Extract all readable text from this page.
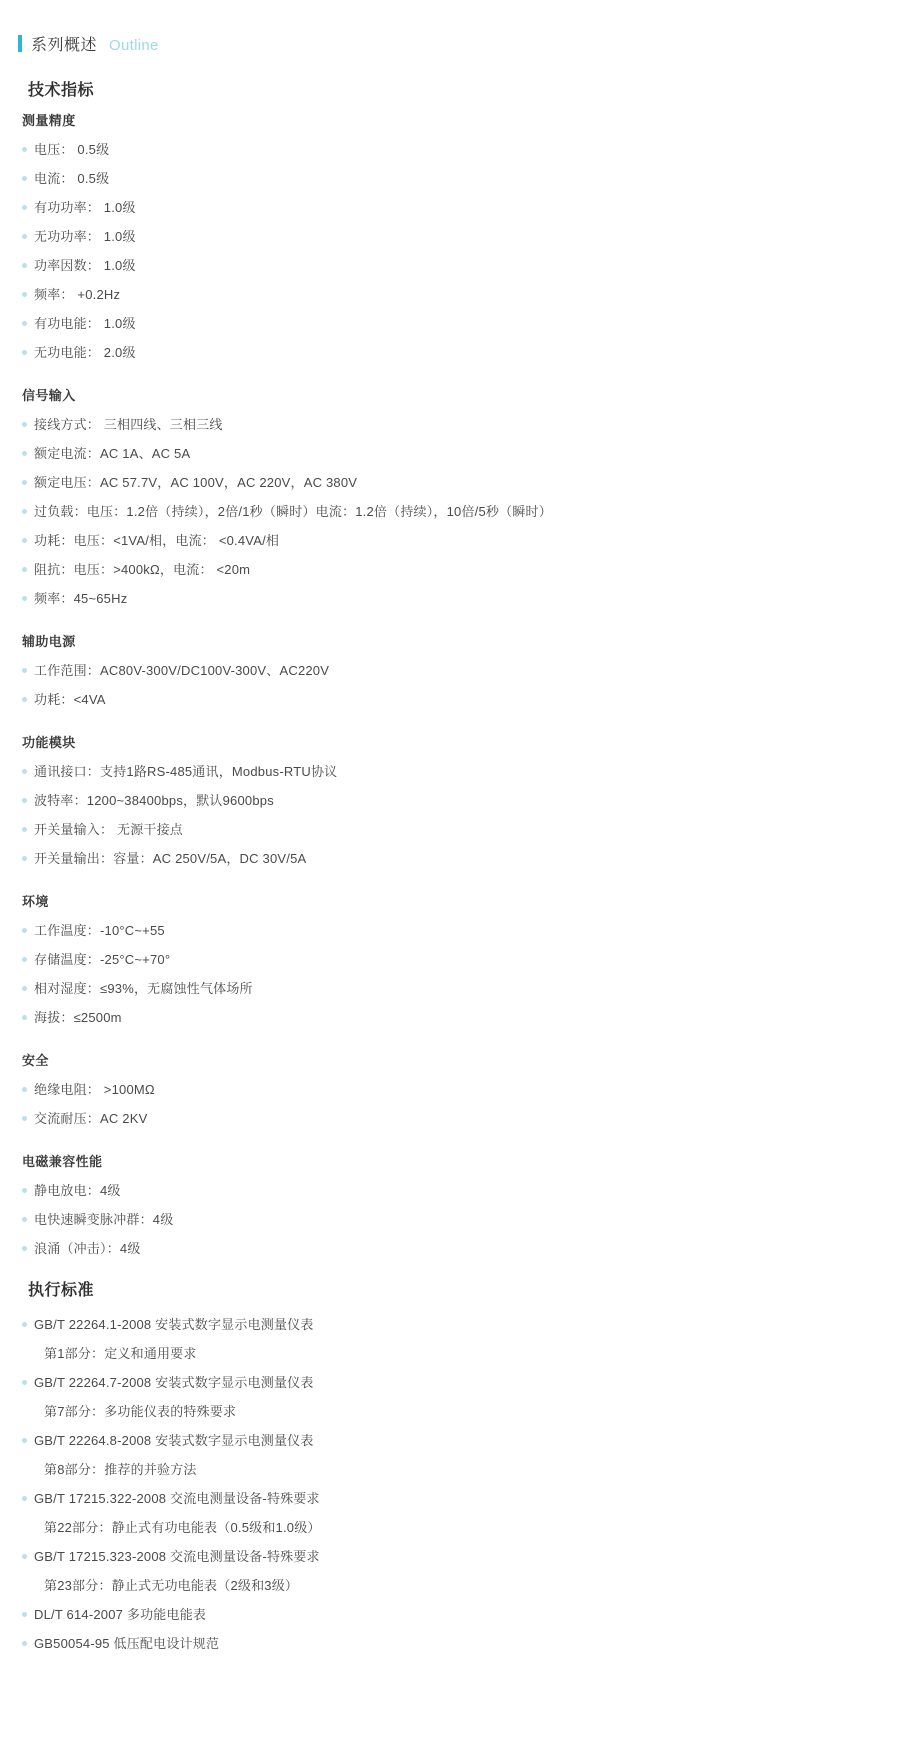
系列概述 Outline
技术指标
测量精度
电压： 0.5级
电流： 0.5级
有功功率： 1.0级
无功功率： 1.0级
功率因数： 1.0级
频率： +0.2Hz
有功电能： 1.0级
无功电能： 2.0级
信号输入
接线方式： 三相四线、三相三线
额定电流：AC 1A、AC 5A
额定电压：AC 57.7V，AC 100V，AC 220V，AC 380V
过负载：电压：1.2倍（持续），2倍/1秒（瞬时）电流：1.2倍（持续），10倍/5秒（瞬时）
功耗：电压：<1VA/相，电流： <0.4VA/相
阻抗：电压：>400kΩ，电流： <20m
频率：45~65Hz
辅助电源
工作范围：AC80V-300V/DC100V-300V、AC220V
功耗：<4VA
功能模块
通讯接口：支持1路RS-485通讯，Modbus-RTU协议
波特率：1200~38400bps，默认9600bps
开关量输入： 无源干接点
开关量输出：容量：AC 250V/5A，DC 30V/5A
环境
工作温度：-10°C~+55
存储温度：-25°C~+70°
相对湿度：≤93%，无腐蚀性气体场所
海拔：≤2500m
安全
绝缘电阻： >100MΩ
交流耐压：AC 2KV
电磁兼容性能
静电放电：4级
电快速瞬变脉冲群：4级
浪涌（冲击）：4级
执行标准
GB/T 22264.1-2008 安装式数字显示电测量仪表
第1部分：定义和通用要求
GB/T 22264.7-2008 安装式数字显示电测量仪表
第7部分：多功能仪表的特殊要求
GB/T 22264.8-2008 安装式数字显示电测量仪表
第8部分：推荐的并验方法
GB/T 17215.322-2008 交流电测量设备-特殊要求
第22部分：静止式有功电能表（0.5级和1.0级）
GB/T 17215.323-2008 交流电测量设备-特殊要求
第23部分：静止式无功电能表（2级和3级）
DL/T 614-2007 多功能电能表
GB50054-95 低压配电设计规范
